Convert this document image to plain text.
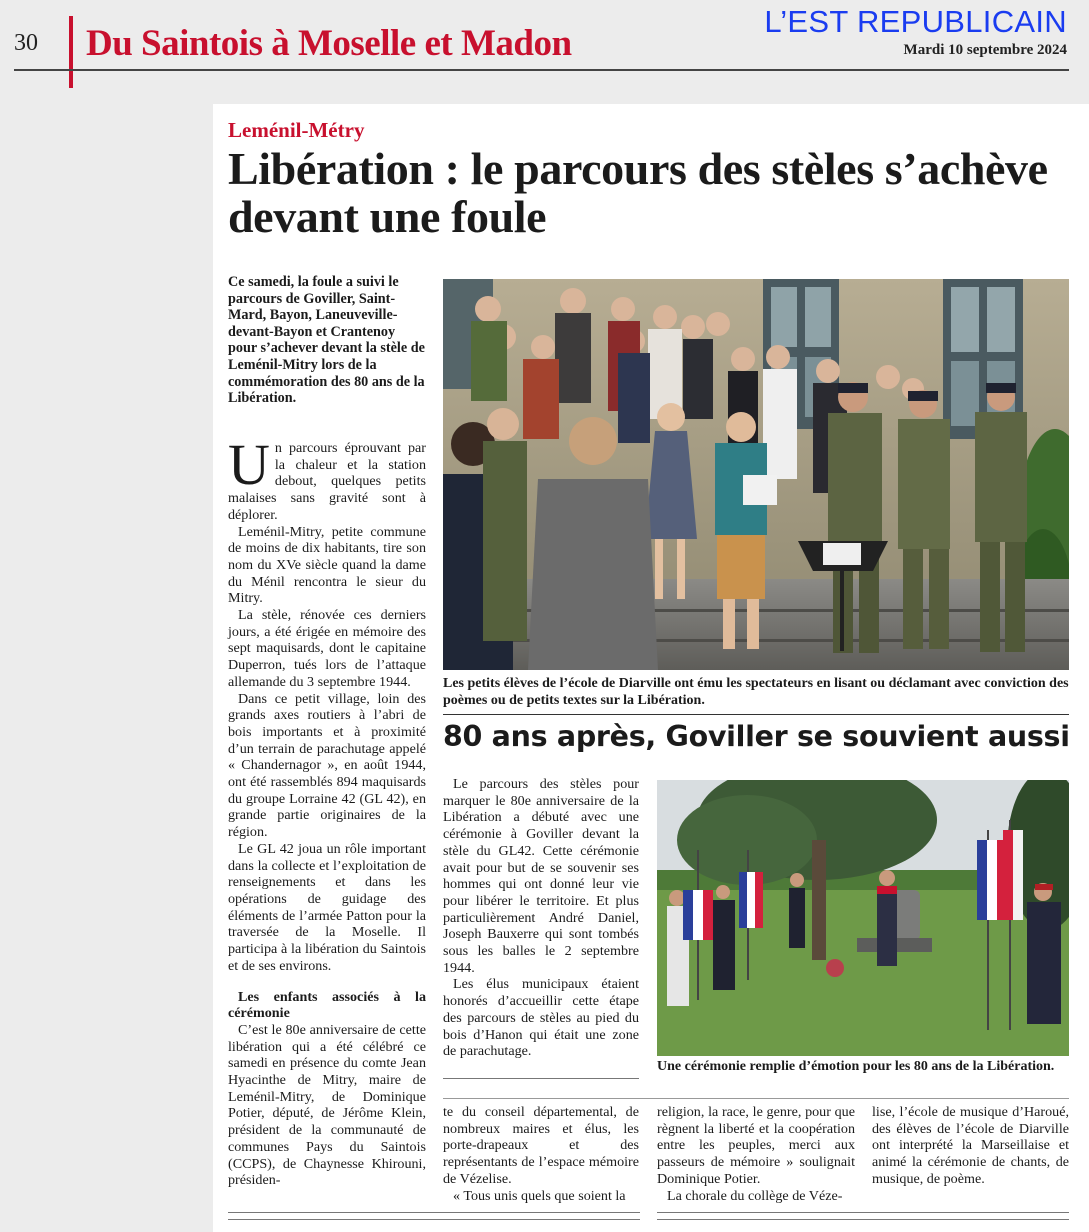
30 Du Saintois à Moselle et Madon
L’EST REPUBLICAIN
Mardi 10 septembre 2024
Leménil-Métry
Libération : le parcours des stèles s’achève devant une foule
Ce samedi, la foule a suivi le parcours de Goviller, Saint-Mard, Bayon, Laneuveville-devant-Bayon et Crantenoy pour s’achever devant la stèle de Leménil-Mitry lors de la commémoration des 80 ans de la Libération.

Un parcours éprouvant par la chaleur et la station debout, quelques petits malaises sans gravité sont à déplorer.

Leménil-Mitry, petite commune de moins de dix habitants, tire son nom du XVe siècle quand la dame du Ménil rencontra le sieur du Mitry.

La stèle, rénovée ces derniers jours, a été érigée en mémoire des sept maquisards, dont le capitaine Duperron, tués lors de l’attaque allemande du 3 septembre 1944.

Dans ce petit village, loin des grands axes routiers à l’abri de bois importants et à proximité d’un terrain de parachutage appelé « Chandernagor », en août 1944, ont été rassemblés 894 maquisards du groupe Lorraine 42 (GL 42), en grande partie originaires de la région.

Le GL 42 joua un rôle important dans la collecte et l’exploitation de renseignements et dans les opérations de guidage des éléments de l’armée Patton pour la traversée de la Moselle. Il participa à la libération du Saintois et de ses environs.

Les enfants associés à la cérémonie

C’est le 80e anniversaire de cette libération qui a été célébré ce samedi en présence du comte Jean Hyacinthe de Mitry, maire de Leménil-Mitry, de Dominique Potier, député, de Jérôme Klein, président de la communauté de communes Pays du Saintois (CCPS), de Chaynesse Khirouni, présiden-

Les petits élèves de l’école de Diarville ont ému les spectateurs en lisant ou déclamant avec conviction des poèmes ou de petits textes sur la Libération.
80 ans après, Goviller se souvient aussi

Le parcours des stèles pour marquer le 80e anniversaire de la Libération a débuté avec une cérémonie à Goviller devant la stèle du GL42. Cette cérémonie avait pour but de se souvenir ses hommes qui ont donné leur vie pour libérer le territoire. Et plus particulièrement André Daniel, Joseph Bauxerre qui sont tombés sous les balles le 2 septembre 1944.

Les élus municipaux étaient honorés d’accueillir cette étape des parcours de stèles au pied du bois d’Hanon qui était une zone de parachutage.

Une cérémonie remplie d’émotion pour les 80 ans de la Libération.

te du conseil départemental, de nombreux maires et élus, les porte-drapeaux et des représentants de l’espace mémoire de Vézelise.

« Tous unis quels que soient la

religion, la race, le genre, pour que règnent la liberté et la coopération entre les peuples, merci aux passeurs de mémoire » soulignait Dominique Potier.

La chorale du collège de Véze-

lise, l’école de musique d’Haroué, des élèves de l’école de Diarville ont interprété la Marseillaise et animé la cérémonie de chants, de musique, de poème.
